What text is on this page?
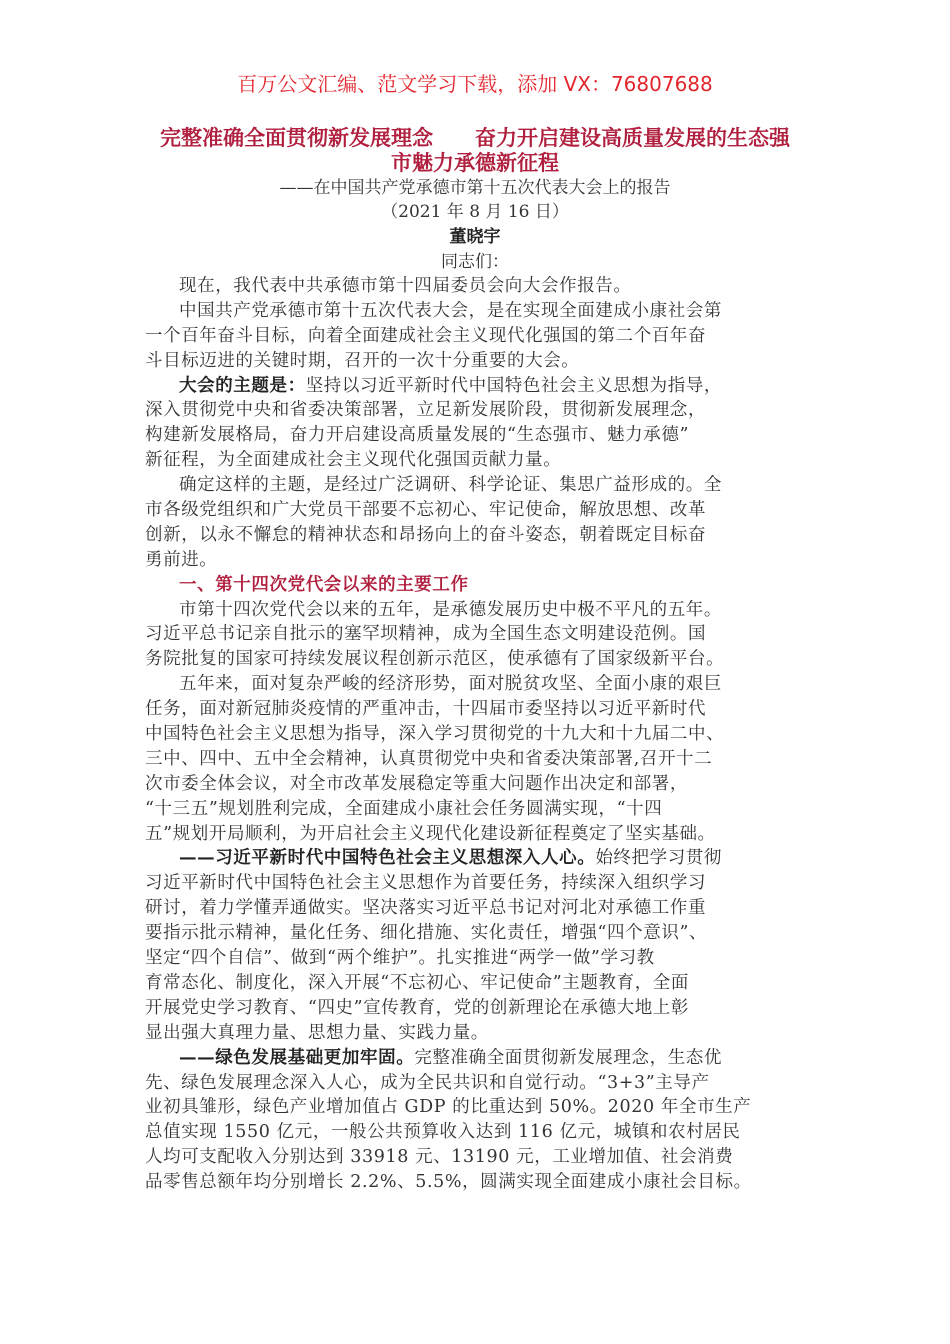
百万公文汇编、范文学习下载，添加 VX：76807688
完整准确全面贯彻新发展理念　　奋力开启建设高质量发展的生态强
市魅力承德新征程
——在中国共产党承德市第十五次代表大会上的报告
（2021 年 8 月 16 日）
董晓宇
同志们：
现在，我代表中共承德市第十四届委员会向大会作报告。
中国共产党承德市第十五次代表大会，是在实现全面建成小康社会第
一个百年奋斗目标，向着全面建成社会主义现代化强国的第二个百年奋
斗目标迈进的关键时期，召开的一次十分重要的大会。
大会的主题是：坚持以习近平新时代中国特色社会主义思想为指导，
深入贯彻党中央和省委决策部署，立足新发展阶段，贯彻新发展理念，
构建新发展格局，奋力开启建设高质量发展的“生态强市、魅力承德”
新征程，为全面建成社会主义现代化强国贡献力量。
确定这样的主题，是经过广泛调研、科学论证、集思广益形成的。全
市各级党组织和广大党员干部要不忘初心、牢记使命，解放思想、改革
创新，以永不懈怠的精神状态和昂扬向上的奋斗姿态，朝着既定目标奋
勇前进。
一、第十四次党代会以来的主要工作
市第十四次党代会以来的五年，是承德发展历史中极不平凡的五年。
习近平总书记亲自批示的塞罕坝精神，成为全国生态文明建设范例。国
务院批复的国家可持续发展议程创新示范区，使承德有了国家级新平台。
五年来，面对复杂严峻的经济形势，面对脱贫攻坚、全面小康的艰巨
任务，面对新冠肺炎疫情的严重冲击，十四届市委坚持以习近平新时代
中国特色社会主义思想为指导，深入学习贯彻党的十九大和十九届二中、
三中、四中、五中全会精神，认真贯彻党中央和省委决策部署,召开十二
次市委全体会议，对全市改革发展稳定等重大问题作出决定和部署，
“十三五”规划胜利完成，全面建成小康社会任务圆满实现，“十四
五”规划开局顺利，为开启社会主义现代化建设新征程奠定了坚实基础。
——习近平新时代中国特色社会主义思想深入人心。始终把学习贯彻
习近平新时代中国特色社会主义思想作为首要任务，持续深入组织学习
研讨，着力学懂弄通做实。坚决落实习近平总书记对河北对承德工作重
要指示批示精神，量化任务、细化措施、实化责任，增强“四个意识”、
坚定“四个自信”、做到“两个维护”。扎实推进“两学一做”学习教
育常态化、制度化，深入开展“不忘初心、牢记使命”主题教育，全面
开展党史学习教育、“四史”宣传教育，党的创新理论在承德大地上彰
显出强大真理力量、思想力量、实践力量。
——绿色发展基础更加牢固。完整准确全面贯彻新发展理念，生态优
先、绿色发展理念深入人心，成为全民共识和自觉行动。“3+3”主导产
业初具雏形，绿色产业增加值占 GDP 的比重达到 50%。2020 年全市生产
总值实现 1550 亿元，一般公共预算收入达到 116 亿元，城镇和农村居民
人均可支配收入分别达到 33918 元、13190 元，工业增加值、社会消费
品零售总额年均分别增长 2.2%、5.5%，圆满实现全面建成小康社会目标。
